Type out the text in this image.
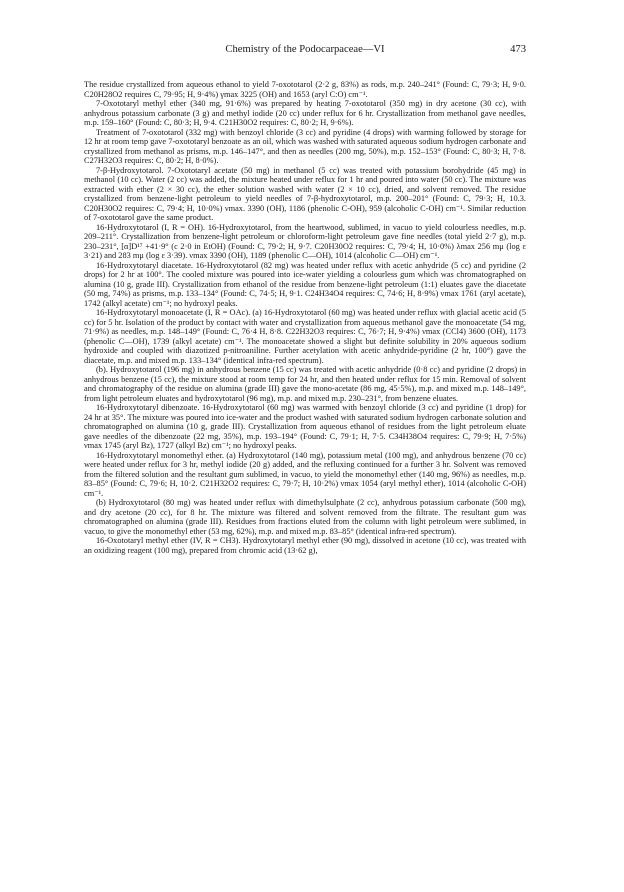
Chemistry of the Podocarpaceae—VI	473

The residue crystallized from aqueous ethanol to yield 7-oxototarol (2·2 g, 83%) as rods, m.p. 240–241° (Found: C, 79·3; H, 9·0. C20H28O2 requires C, 79·95; H, 9·4%) γmax 3225 (OH) and 1653 (aryl C:O) cm⁻¹.

7-Oxototaryl methyl ether (340 mg, 91·6%) was prepared by heating 7-oxototarol (350 mg) in dry acetone (30 cc), with anhydrous potassium carbonate (3 g) and methyl iodide (20 cc) under reflux for 6 hr. Crystallization from methanol gave needles, m.p. 159–160° (Found: C, 80·3; H, 9·4. C21H30O2 requires: C, 80·2; H, 9·6%).

Treatment of 7-oxototarol (332 mg) with benzoyl chloride (3 cc) and pyridine (4 drops) with warming followed by storage for 12 hr at room temp gave 7-oxototaryl benzoate as an oil, which was washed with saturated aqueous sodium hydrogen carbonate and crystallized from methanol as prisms, m.p. 146–147°, and then as needles (200 mg, 50%), m.p. 152–153° (Found: C, 80·3; H, 7·8. C27H32O3 requires: C, 80·2; H, 8·0%).

7-β-Hydroxytotarol. 7-Oxototaryl acetate (50 mg) in methanol (5 cc) was treated with potassium borohydride (45 mg) in methanol (10 cc). Water (2 cc) was added, the mixture heated under reflux for 1 hr and poured into water (50 cc). The mixture was extracted with ether (2 × 30 cc), the ether solution washed with water (2 × 10 cc), dried, and solvent removed. The residue crystallized from benzene-light petroleum to yield needles of 7-β-hydroxytotarol, m.p. 200–201° (Found: C, 79·3; H, 10.3. C20H30O2 requires: C, 79·4; H, 10·0%) νmax. 3390 (OH), 1186 (phenolic C-OH), 959 (alcoholic C-OH) cm⁻¹. Similar reduction of 7-oxototarol gave the same product.

16-Hydroxytotarol (I, R = OH). 16-Hydroxytotarol, from the heartwood, sublimed, in vacuo to yield colourless needles, m.p. 209–211°. Crystallization from benzene-light petroleum or chloroform-light petroleum gave fine needles (total yield 2·7 g), m.p. 230–231°, [α]D¹⁷ +41·9° (c 2·0 in EtOH) (Found: C, 79·2; H, 9·7. C20H30O2 requires: C, 79·4; H, 10·0%) λmax 256 mμ (log ε 3·21) and 283 mμ (log ε 3·39). νmax 3390 (OH), 1189 (phenolic C—OH), 1014 (alcoholic C—OH) cm⁻¹.

16-Hydroxytotaryl diacetate. 16-Hydroxytotarol (82 mg) was heated under reflux with acetic anhydride (5 cc) and pyridine (2 drops) for 2 hr at 100°. The cooled mixture was poured into ice-water yielding a colourless gum which was chromatographed on alumina (10 g, grade III). Crystallization from ethanol of the residue from benzene-light petroleum (1:1) eluates gave the diacetate (50 mg, 74%) as prisms, m.p. 133–134° (Found: C, 74·5; H, 9·1. C24H34O4 requires: C, 74·6; H, 8·9%) νmax 1761 (aryl acetate), 1742 (alkyl acetate) cm⁻¹; no hydroxyl peaks.

16-Hydroxytotaryl monoacetate (I, R = OAc). (a) 16-Hydroxytotarol (60 mg) was heated under reflux with glacial acetic acid (5 cc) for 5 hr. Isolation of the product by contact with water and crystallization from aqueous methanol gave the monoacetate (54 mg, 71·9%) as needles, m.p. 148–149° (Found: C, 76·4 H, 8·8. C22H32O3 requires: C, 76·7; H, 9·4%) νmax (CCl4) 3600 (OH), 1173 (phenolic C—OH), 1739 (alkyl acetate) cm⁻¹. The monoacetate showed a slight but definite solubility in 20% aqueous sodium hydroxide and coupled with diazotized p-nitroaniline. Further acetylation with acetic anhydride-pyridine (2 hr, 100°) gave the diacetate, m.p. and mixed m.p. 133–134° (identical infra-red spectrum).

(b). Hydroxytotarol (196 mg) in anhydrous benzene (15 cc) was treated with acetic anhydride (0·8 cc) and pyridine (2 drops) in anhydrous benzene (15 cc), the mixture stood at room temp for 24 hr, and then heated under reflux for 15 min. Removal of solvent and chromatography of the residue on alumina (grade III) gave the mono-acetate (86 mg, 45·5%), m.p. and mixed m.p. 148–149°, from light petroleum eluates and hydroxytotarol (96 mg), m.p. and mixed m.p. 230–231°, from benzene eluates.

16-Hydroxytotaryl dibenzoate. 16-Hydroxytotarol (60 mg) was warmed with benzoyl chloride (3 cc) and pyridine (1 drop) for 24 hr at 35°. The mixture was poured into ice-water and the product washed with saturated sodium hydrogen carbonate solution and chromatographed on alumina (10 g, grade III). Crystallization from aqueous ethanol of residues from the light petroleum eluate gave needles of the dibenzoate (22 mg, 35%), m.p. 193–194° (Found: C, 79·1; H, 7·5. C34H38O4 requires: C, 79·9; H, 7·5%) νmax 1745 (aryl Bz), 1727 (alkyl Bz) cm⁻¹; no hydroxyl peaks.

16-Hydroxytotaryl monomethyl ether. (a) Hydroxytotarol (140 mg), potassium metal (100 mg), and anhydrous benzene (70 cc) were heated under reflux for 3 hr, methyl iodide (20 g) added, and the refluxing continued for a further 3 hr. Solvent was removed from the filtered solution and the resultant gum sublimed, in vacuo, to yield the monomethyl ether (140 mg, 96%) as needles, m.p. 83–85° (Found: C, 79·6; H, 10·2. C21H32O2 requires: C, 79·7; H, 10·2%) νmax 1054 (aryl methyl ether), 1014 (alcoholic C-OH) cm⁻¹.

(b) Hydroxytotarol (80 mg) was heated under reflux with dimethylsulphate (2 cc), anhydrous potassium carbonate (500 mg), and dry acetone (20 cc), for 8 hr. The mixture was filtered and solvent removed from the filtrate. The resultant gum was chromatographed on alumina (grade III). Residues from fractions eluted from the column with light petroleum were sublimed, in vacuo, to give the monomethyl ether (53 mg, 62%), m.p. and mixed m.p. 83–85° (identical infra-red spectrum).

16-Oxototaryl methyl ether (IV, R = CH3). Hydroxytotaryl methyl ether (90 mg), dissolved in acetone (10 cc), was treated with an oxidizing reagent (100 mg), prepared from chromic acid (13·62 g),
